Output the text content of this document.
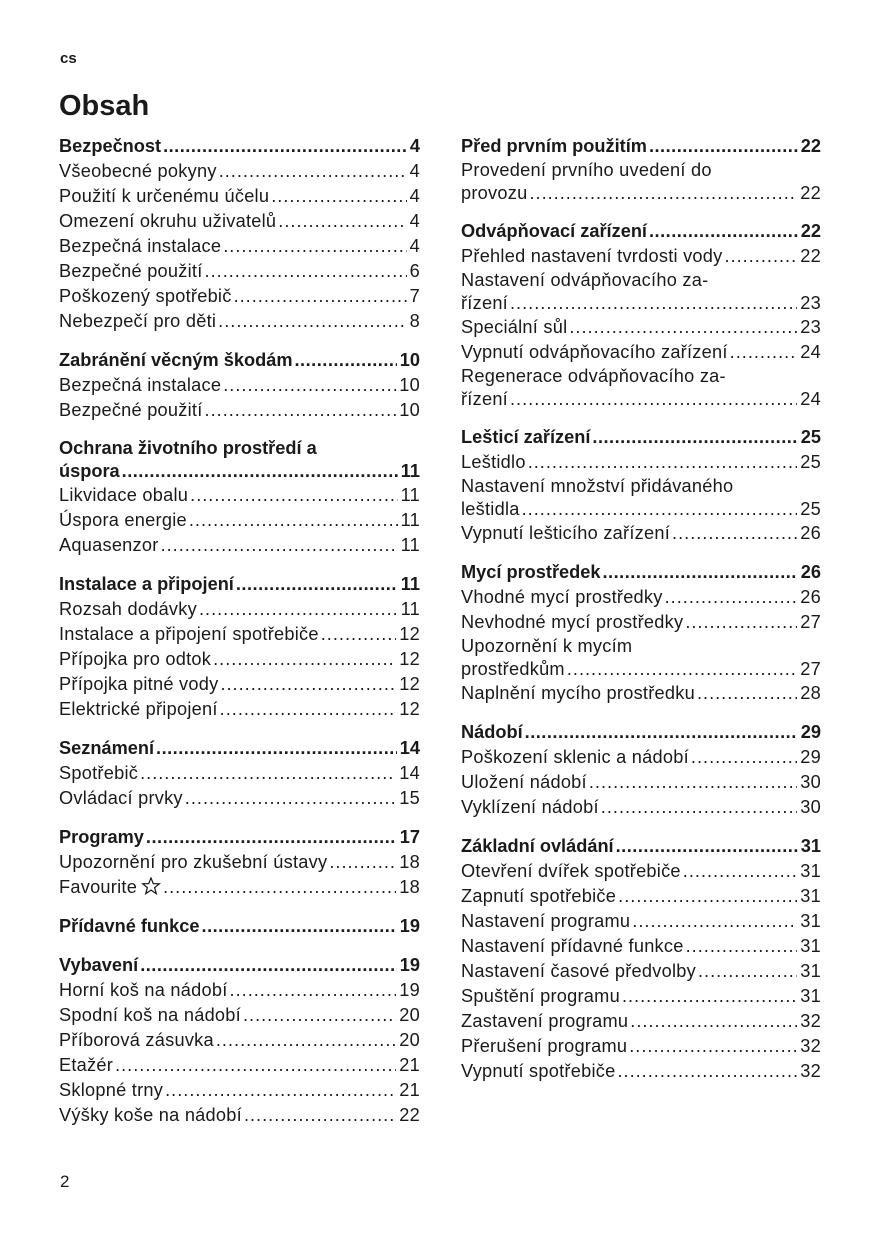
cs
Obsah
Bezpečnost .....	4
Všeobecné pokyny .....	4
Použití k určenému účelu .....	4
Omezení okruhu uživatelů .....	4
Bezpečná instalace .....	4
Bezpečné použití .....	6
Poškozený spotřebič .....	7
Nebezpečí pro děti .....	8
Zabránění věcným škodám .....	10
Bezpečná instalace .....	10
Bezpečné použití .....	10
Ochrana životního prostředí a
úspora .....	11
Likvidace obalu .....	11
Úspora energie .....	11
Aquasenzor .....	11
Instalace a připojení .....	11
Rozsah dodávky .....	11
Instalace a připojení spotřebiče .....	12
Přípojka pro odtok .....	12
Přípojka pitné vody .....	12
Elektrické připojení .....	12
Seznámení .....	14
Spotřebič .....	14
Ovládací prvky .....	15
Programy .....	17
Upozornění pro zkušební ústavy .....	18
Favourite .....	18
Přídavné funkce .....	19
Vybavení .....	19
Horní koš na nádobí .....	19
Spodní koš na nádobí .....	20
Příborová zásuvka .....	20
Etažér .....	21
Sklopné trny .....	21
Výšky koše na nádobí .....	22
Před prvním použitím .....	22
Provedení prvního uvedení do
provozu .....	22
Odvápňovací zařízení .....	22
Přehled nastavení tvrdosti vody .....	22
Nastavení odvápňovacího za-
řízení .....	23
Speciální sůl .....	23
Vypnutí odvápňovacího zařízení .....	24
Regenerace odvápňovacího za-
řízení .....	24
Lešticí zařízení .....	25
Leštidlo .....	25
Nastavení množství přidávaného
leštidla .....	25
Vypnutí lešticího zařízení .....	26
Mycí prostředek .....	26
Vhodné mycí prostředky .....	26
Nevhodné mycí prostředky .....	27
Upozornění k mycím
prostředkům .....	27
Naplnění mycího prostředku .....	28
Nádobí .....	29
Poškození sklenic a nádobí .....	29
Uložení nádobí .....	30
Vyklízení nádobí .....	30
Základní ovládání .....	31
Otevření dvířek spotřebiče .....	31
Zapnutí spotřebiče .....	31
Nastavení programu .....	31
Nastavení přídavné funkce .....	31
Nastavení časové předvolby .....	31
Spuštění programu .....	31
Zastavení programu .....	32
Přerušení programu .....	32
Vypnutí spotřebiče .....	32
2
